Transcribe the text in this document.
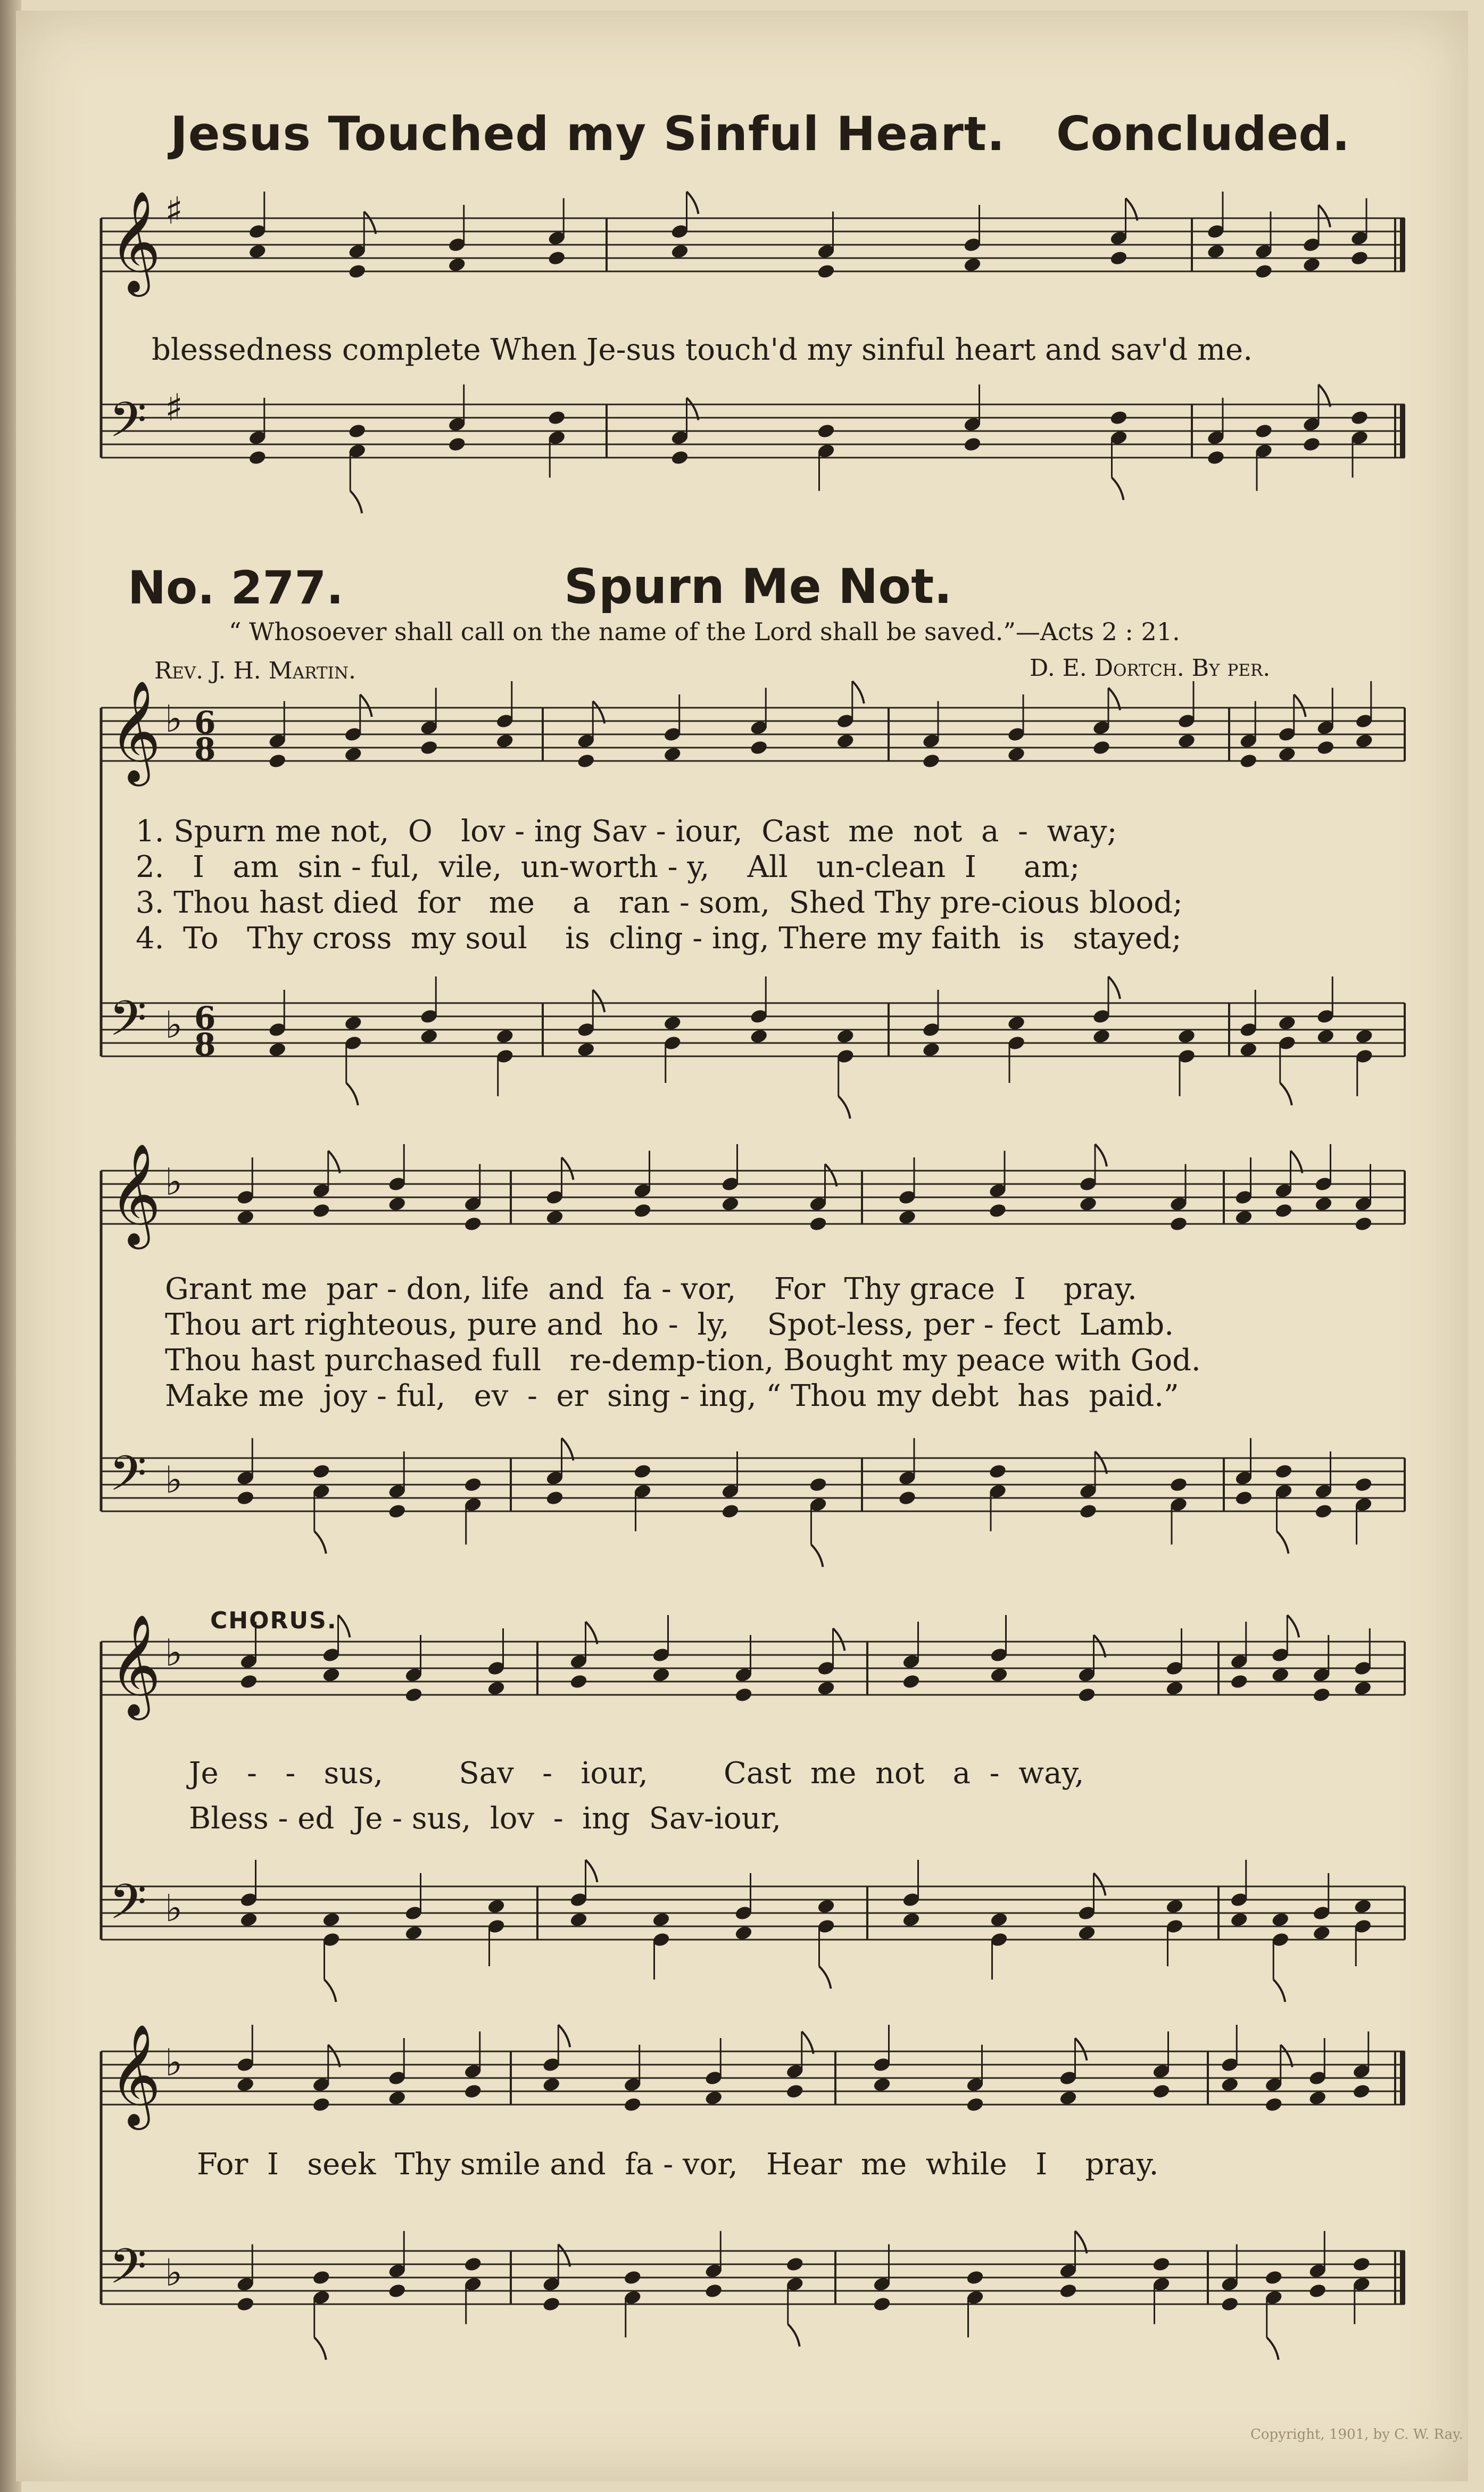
Jesus Touched my Sinful Heart. Concluded.
No. 277.	Spurn Me Not.
“ Whosoever shall call on the name of the Lord shall be saved.”—Acts 2 : 21.
Rev. J. H. Martin.	D. E. Dortch. By per.
CHORUS.
𝄞 ♯
𝄢 ♯
𝄞 ♭ 6
8
𝄢 ♭ 6
8
𝄞 ♭
𝄢 ♭
𝄞 ♭
𝄢 ♭
𝄞 ♭
𝄢 ♭
blessedness complete When Je-sus touch'd my sinful heart and sav'd me.
1. Spurn me not,  O   lov - ing Sav - iour,  Cast  me  not  a  -  way;
2.   I   am  sin - ful,  vile,  un-worth - y,    All   un-clean  I     am;
3. Thou hast died  for   me    a   ran - som,  Shed Thy pre-cious blood;
4.  To   Thy cross  my soul    is  cling - ing, There my faith  is   stayed;
Grant me  par - don, life  and  fa - vor,    For  Thy grace  I    pray.
Thou art righteous, pure and  ho -  ly,    Spot-less, per - fect  Lamb.
Thou hast purchased full   re-demp-tion, Bought my peace with God.
Make me  joy - ful,   ev  -  er  sing - ing, “ Thou my debt  has  paid.”
Je   -   -   sus,        Sav   -   iour,        Cast  me  not   a  -  way,
Bless - ed  Je - sus,  lov  -  ing  Sav-iour,
For  I   seek  Thy smile and  fa - vor,   Hear  me  while   I    pray.
Copyright, 1901, by C. W. Ray.
